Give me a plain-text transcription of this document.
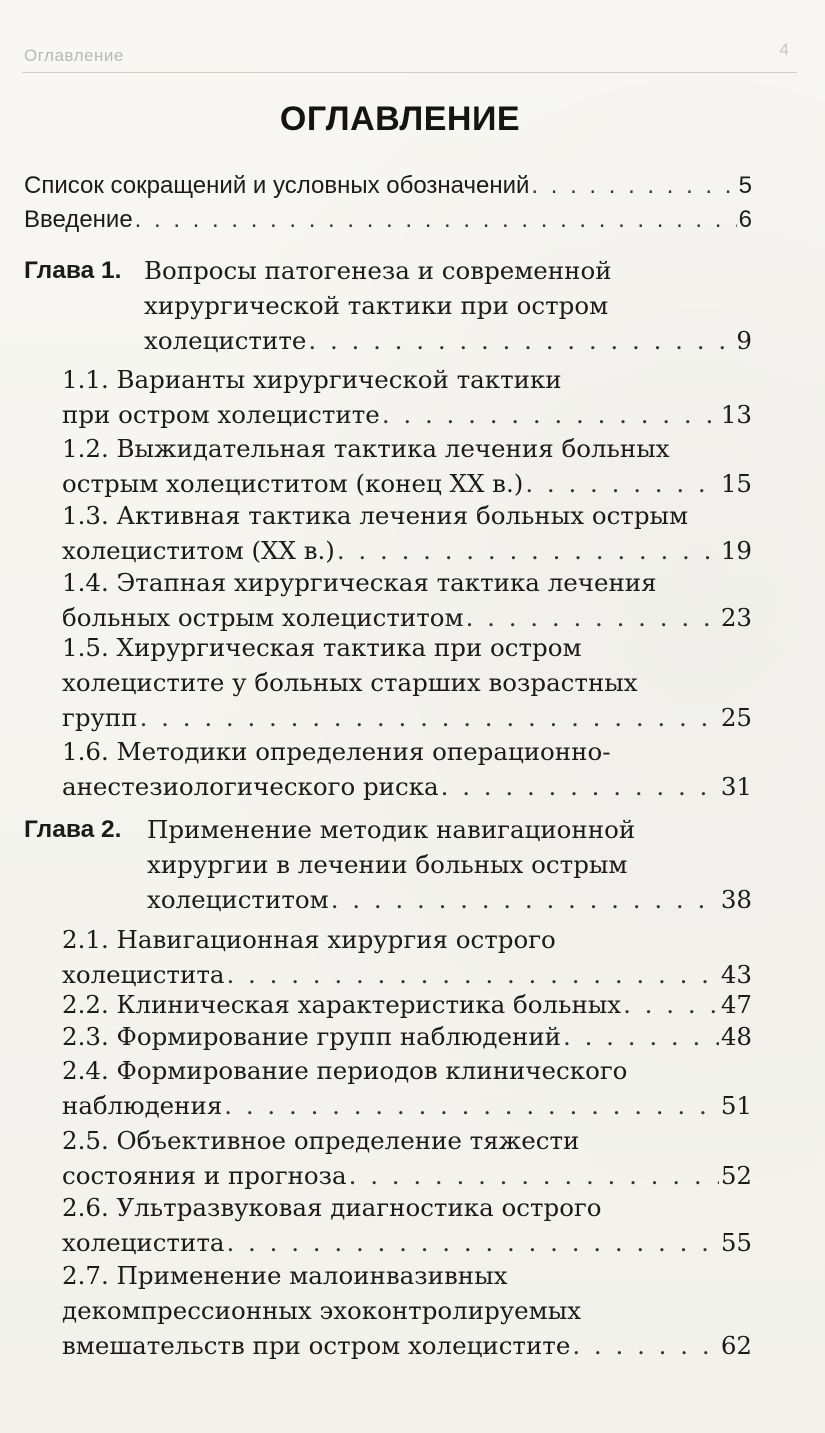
Оглавление	4
ОГЛАВЛЕНИЕ
Список сокращений и условных обозначений . . .	5
Введение . . .	6
Глава 1. Вопросы патогенеза и современной
хирургической тактики при остром
холецистите . . .	9
1.1. Варианты хирургической тактики
при остром холецистите . . .	13
1.2. Выжидательная тактика лечения больных
острым холециститом (конец XX в.) . . .	15
1.3. Активная тактика лечения больных острым
холециститом (XX в.) . . .	19
1.4. Этапная хирургическая тактика лечения
больных острым холециститом . . .	23
1.5. Хирургическая тактика при остром
холецистите у больных старших возрастных
групп . . .	25
1.6. Методики определения операционно-
анестезиологического риска . . .	31
Глава 2. Применение методик навигационной
хирургии в лечении больных острым
холециститом . . .	38
2.1. Навигационная хирургия острого
холецистита . . .	43
2.2. Клиническая характеристика больных . . .	47
2.3. Формирование групп наблюдений . . .	48
2.4. Формирование периодов клинического
наблюдения . . .	51
2.5. Объективное определение тяжести
состояния и прогноза . . .	52
2.6. Ультразвуковая диагностика острого
холецистита . . .	55
2.7. Применение малоинвазивных
декомпрессионных эхоконтролируемых
вмешательств при остром холецистите . . .	62
